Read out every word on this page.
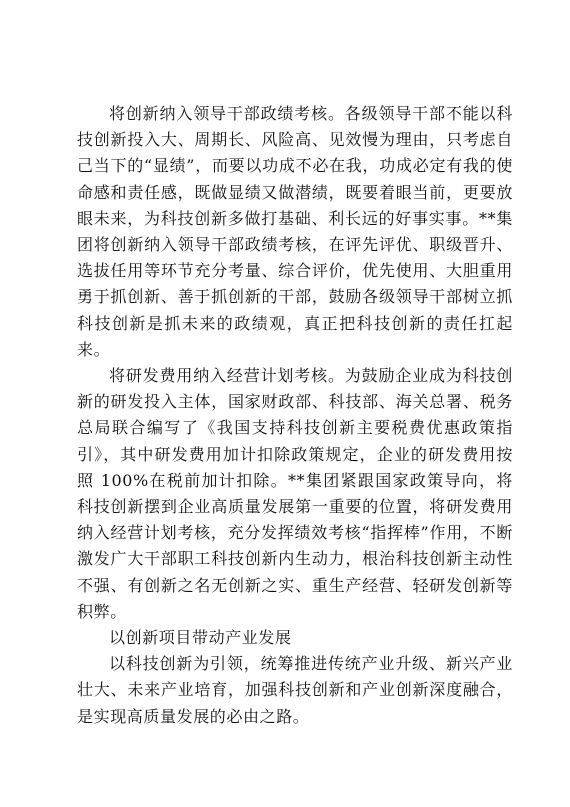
将创新纳入领导干部政绩考核。各级领导干部不能以科技创新投入大、周期长、风险高、见效慢为理由，只考虑自己当下的“显绩”，而要以功成不必在我，功成必定有我的使命感和责任感，既做显绩又做潜绩，既要着眼当前，更要放眼未来，为科技创新多做打基础、利长远的好事实事。**集团将创新纳入领导干部政绩考核，在评先评优、职级晋升、选拔任用等环节充分考量、综合评价，优先使用、大胆重用勇于抓创新、善于抓创新的干部，鼓励各级领导干部树立抓科技创新是抓未来的政绩观，真正把科技创新的责任扛起来。

将研发费用纳入经营计划考核。为鼓励企业成为科技创新的研发投入主体，国家财政部、科技部、海关总署、税务总局联合编写了《我国支持科技创新主要税费优惠政策指引》，其中研发费用加计扣除政策规定，企业的研发费用按照 100%在税前加计扣除。**集团紧跟国家政策导向，将科技创新摆到企业高质量发展第一重要的位置，将研发费用纳入经营计划考核，充分发挥绩效考核“指挥棒”作用，不断激发广大干部职工科技创新内生动力，根治科技创新主动性不强、有创新之名无创新之实、重生产经营、轻研发创新等积弊。

以创新项目带动产业发展

以科技创新为引领，统筹推进传统产业升级、新兴产业壮大、未来产业培育，加强科技创新和产业创新深度融合，是实现高质量发展的必由之路。
